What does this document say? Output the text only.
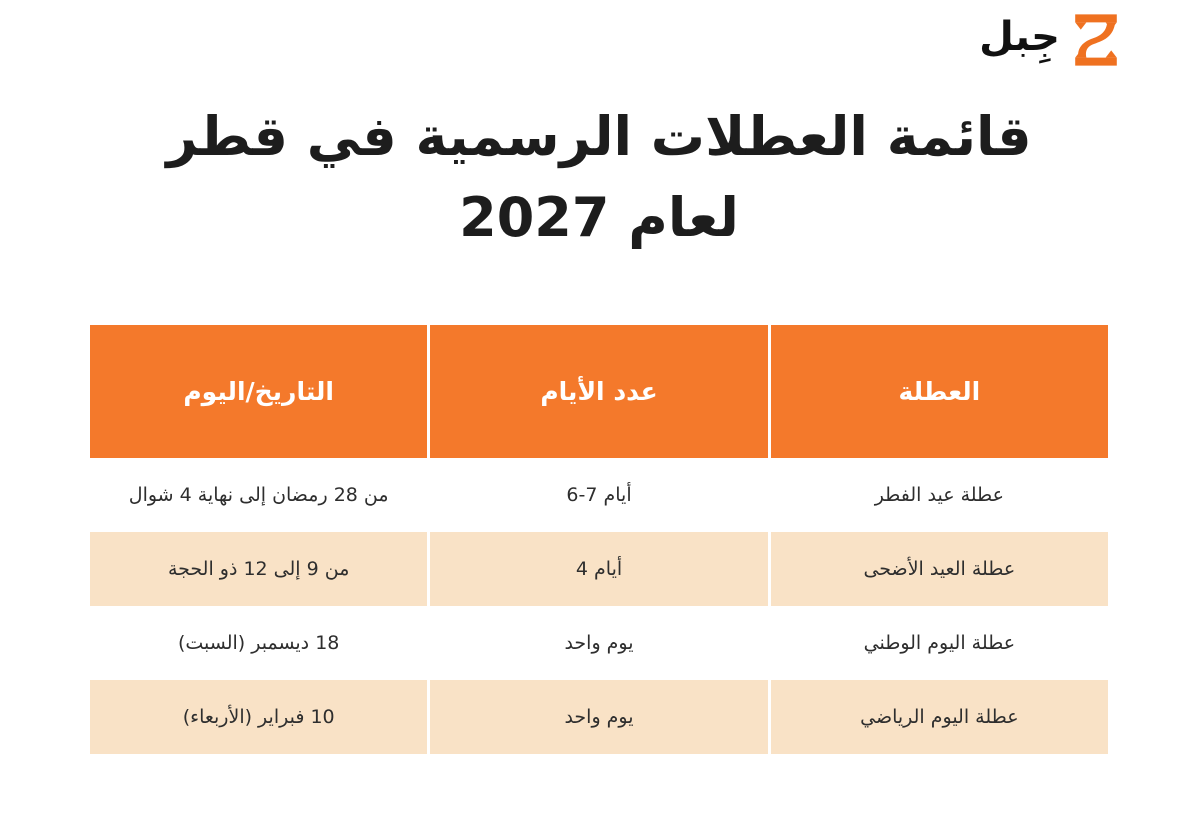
جِبل
قائمة العطلات الرسمية في قطر
لعام 2027
العطلة
عدد الأيام
التاريخ/اليوم
عطلة عيد الفطر
6-7 أيام
من 28 رمضان إلى نهاية 4 شوال
عطلة العيد الأضحى
4 أيام
من 9 إلى 12 ذو الحجة
عطلة اليوم الوطني
يوم واحد
18 ديسمبر (السبت)
عطلة اليوم الرياضي
يوم واحد
10 فبراير (الأربعاء)
